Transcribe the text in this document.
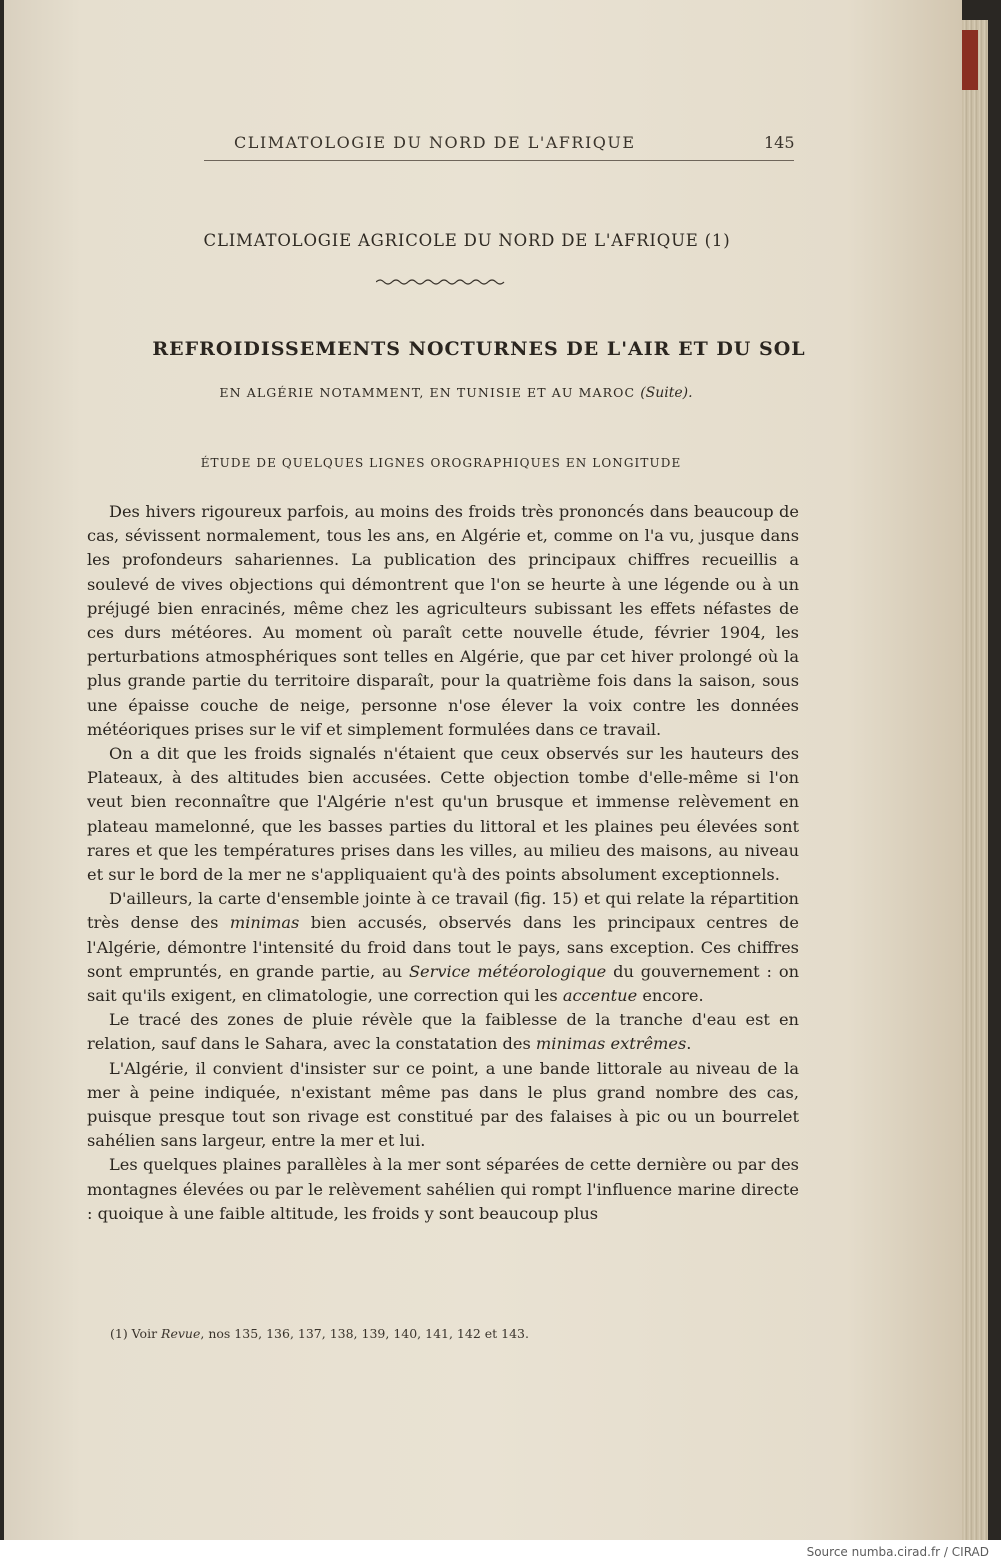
CLIMATOLOGIE DU NORD DE L'AFRIQUE	145
CLIMATOLOGIE AGRICOLE DU NORD DE L'AFRIQUE (1)
REFROIDISSEMENTS NOCTURNES DE L'AIR ET DU SOL
EN ALGÉRIE NOTAMMENT, EN TUNISIE ET AU MAROC (Suite).
ÉTUDE DE QUELQUES LIGNES OROGRAPHIQUES EN LONGITUDE

Des hivers rigoureux parfois, au moins des froids très prononcés dans beaucoup de cas, sévissent normalement, tous les ans, en Algérie et, comme on l'a vu, jusque dans les profondeurs sahariennes. La publication des principaux chiffres recueillis a soulevé de vives objections qui démontrent que l'on se heurte à une légende ou à un préjugé bien enracinés, même chez les agriculteurs subissant les effets néfastes de ces durs météores. Au moment où paraît cette nouvelle étude, février 1904, les perturbations atmosphériques sont telles en Algérie, que par cet hiver prolongé où la plus grande partie du territoire disparaît, pour la quatrième fois dans la saison, sous une épaisse couche de neige, personne n'ose élever la voix contre les données météoriques prises sur le vif et simplement formulées dans ce travail.

On a dit que les froids signalés n'étaient que ceux observés sur les hauteurs des Plateaux, à des altitudes bien accusées. Cette objection tombe d'elle-même si l'on veut bien reconnaître que l'Algérie n'est qu'un brusque et immense relèvement en plateau mamelonné, que les basses parties du littoral et les plaines peu élevées sont rares et que les températures prises dans les villes, au milieu des maisons, au niveau et sur le bord de la mer ne s'appliquaient qu'à des points absolument exceptionnels.

D'ailleurs, la carte d'ensemble jointe à ce travail (fig. 15) et qui relate la répartition très dense des minimas bien accusés, observés dans les principaux centres de l'Algérie, démontre l'intensité du froid dans tout le pays, sans exception. Ces chiffres sont empruntés, en grande partie, au Service météorologique du gouvernement : on sait qu'ils exigent, en climatologie, une correction qui les accentue encore.

Le tracé des zones de pluie révèle que la faiblesse de la tranche d'eau est en relation, sauf dans le Sahara, avec la constatation des minimas extrêmes.

L'Algérie, il convient d'insister sur ce point, a une bande littorale au niveau de la mer à peine indiquée, n'existant même pas dans le plus grand nombre des cas, puisque presque tout son rivage est constitué par des falaises à pic ou un bourrelet sahélien sans largeur, entre la mer et lui.

Les quelques plaines parallèles à la mer sont séparées de cette dernière ou par des montagnes élevées ou par le relèvement sahélien qui rompt l'influence marine directe : quoique à une faible altitude, les froids y sont beaucoup plus

(1) Voir Revue, nos 135, 136, 137, 138, 139, 140, 141, 142 et 143.
Source numba.cirad.fr / CIRAD
